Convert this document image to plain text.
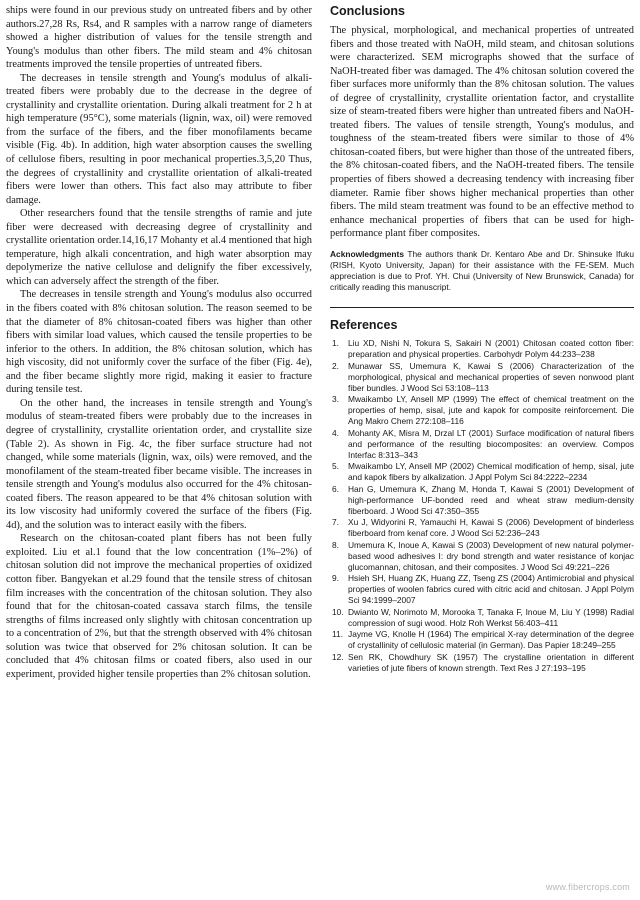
ships were found in our previous study on untreated fibers and by other authors.27,28 Rs, Rs4, and R samples with a narrow range of diameters showed a higher distribution of values for the tensile strength and Young's modulus than other fibers. The mild steam and 4% chitosan treatments improved the tensile properties of untreated fibers.

The decreases in tensile strength and Young's modulus of alkali-treated fibers were probably due to the decrease in the degree of crystallinity and crystallite orientation. During alkali treatment for 2 h at high temperature (95°C), some materials (lignin, wax, oil) were removed from the surface of the fibers, and the fiber monofilaments became visible (Fig. 4b). In addition, high water absorption causes the swelling of cellulose fibers, resulting in poor mechanical properties.3,5,20 Thus, the degrees of crystallinity and crystallite orientation of alkali-treated fibers were lower than others. This fact also may attribute to fiber damage.

Other researchers found that the tensile strengths of ramie and jute fiber were decreased with decreasing degree of crystallinity and crystallite orientation order.14,16,17 Mohanty et al.4 mentioned that high temperature, high alkali concentration, and high water absorption may depolymerize the native cellulose and delignify the fiber excessively, which can adversely affect the strength of the fiber.

The decreases in tensile strength and Young's modulus also occurred in the fibers coated with 8% chitosan solution. The reason seemed to be that the diameter of 8% chitosan-coated fibers was higher than other fibers with similar load values, which caused the tensile properties to be inferior to the others. In addition, the 8% chitosan solution, which has high viscosity, did not uniformly cover the surface of the fiber (Fig. 4e), and the fiber became slightly more rigid, making it easier to fracture during tensile test.

On the other hand, the increases in tensile strength and Young's modulus of steam-treated fibers were probably due to the increases in degree of crystallinity, crystallite orientation order, and crystallite size (Table 2). As shown in Fig. 4c, the fiber surface structure had not changed, while some materials (lignin, wax, oils) were removed, and the monofilament of the steam-treated fiber became visible. The increases in tensile strength and Young's modulus also occurred for the 4% chitosan-coated fibers. The reason appeared to be that 4% chitosan solution with its low viscosity had uniformly covered the surface of the fibers (Fig. 4d), and the solution was to interact easily with the fibers.

Research on the chitosan-coated plant fibers has not been fully exploited. Liu et al.1 found that the low concentration (1%–2%) of chitosan solution did not improve the mechanical properties of oxidized cotton fiber. Bangyekan et al.29 found that the tensile stress of chitosan film increases with the concentration of the chitosan solution. They also found that for the chitosan-coated cassava starch films, the tensile strengths of films increased only slightly with chitosan concentration up to a concentration of 2%, but that the strength observed with 4% chitosan solution was twice that observed for 2% chitosan solution. It can be concluded that 4% chitosan films or coated fibers, also used in our experiment, provided higher tensile properties than 2% chitosan solution.

Conclusions

The physical, morphological, and mechanical properties of untreated fibers and those treated with NaOH, mild steam, and chitosan solutions were characterized. SEM micrographs showed that the surface of NaOH-treated fiber was damaged. The 4% chitosan solution covered the fiber surfaces more uniformly than the 8% chitosan solution. The values of degree of crystallinity, crystallite orientation factor, and crystallite size of steam-treated fibers were higher than untreated fibers and NaOH-treated fibers. The values of tensile strength, Young's modulus, and toughness of the steam-treated fibers were similar to those of 4% chitosan-coated fibers, but were higher than those of the untreated fibers, the 8% chitosan-coated fibers, and the NaOH-treated fibers. The tensile properties of fibers showed a decreasing tendency with increasing fiber diameter. Ramie fiber shows higher mechanical properties than other fibers. The mild steam treatment was found to be an effective method to enhance mechanical properties of fibers that can be used for high-performance plant fiber composites.

Acknowledgments The authors thank Dr. Kentaro Abe and Dr. Shinsuke Ifuku (RISH, Kyoto University, Japan) for their assistance with the FE-SEM. Much appreciation is due to Prof. YH. Chui (University of New Brunswick, Canada) for critically reading this manuscript.

References
1. Liu XD, Nishi N, Tokura S, Sakairi N (2001) Chitosan coated cotton fiber: preparation and physical properties. Carbohydr Polym 44:233–238
2. Munawar SS, Umemura K, Kawai S (2006) Characterization of the morphological, physical and mechanical properties of seven nonwood plant fiber bundles. J Wood Sci 53:108–113
3. Mwaikambo LY, Ansell MP (1999) The effect of chemical treatment on the properties of hemp, sisal, jute and kapok for composite reinforcement. Die Ang Makro Chem 272:108–116
4. Mohanty AK, Misra M, Drzal LT (2001) Surface modification of natural fibers and performance of the resulting biocomposites: an overview. Compos Interfac 8:313–343
5. Mwaikambo LY, Ansell MP (2002) Chemical modification of hemp, sisal, jute and kapok fibers by alkalization. J Appl Polym Sci 84:2222–2234
6. Han G, Umemura K, Zhang M, Honda T, Kawai S (2001) Development of high-performance UF-bonded reed and wheat straw medium-density fiberboard. J Wood Sci 47:350–355
7. Xu J, Widyorini R, Yamauchi H, Kawai S (2006) Development of binderless fiberboard from kenaf core. J Wood Sci 52:236–243
8. Umemura K, Inoue A, Kawai S (2003) Development of new natural polymer-based wood adhesives I: dry bond strength and water resistance of konjac glucomannan, chitosan, and their composites. J Wood Sci 49:221–226
9. Hsieh SH, Huang ZK, Huang ZZ, Tseng ZS (2004) Antimicrobial and physical properties of woolen fabrics cured with citric acid and chitosan. J Appl Polym Sci 94:1999–2007
10. Dwianto W, Norimoto M, Morooka T, Tanaka F, Inoue M, Liu Y (1998) Radial compression of sugi wood. Holz Roh Werkst 56:403–411
11. Jayme VG, Knolle H (1964) The empirical X-ray determination of the degree of crystallinity of cellulosic material (in German). Das Papier 18:249–255
12. Sen RK, Chowdhury SK (1957) The crystalline orientation in different varieties of jute fibers of known strength. Text Res J 27:193–195
www.fibercrops.com
